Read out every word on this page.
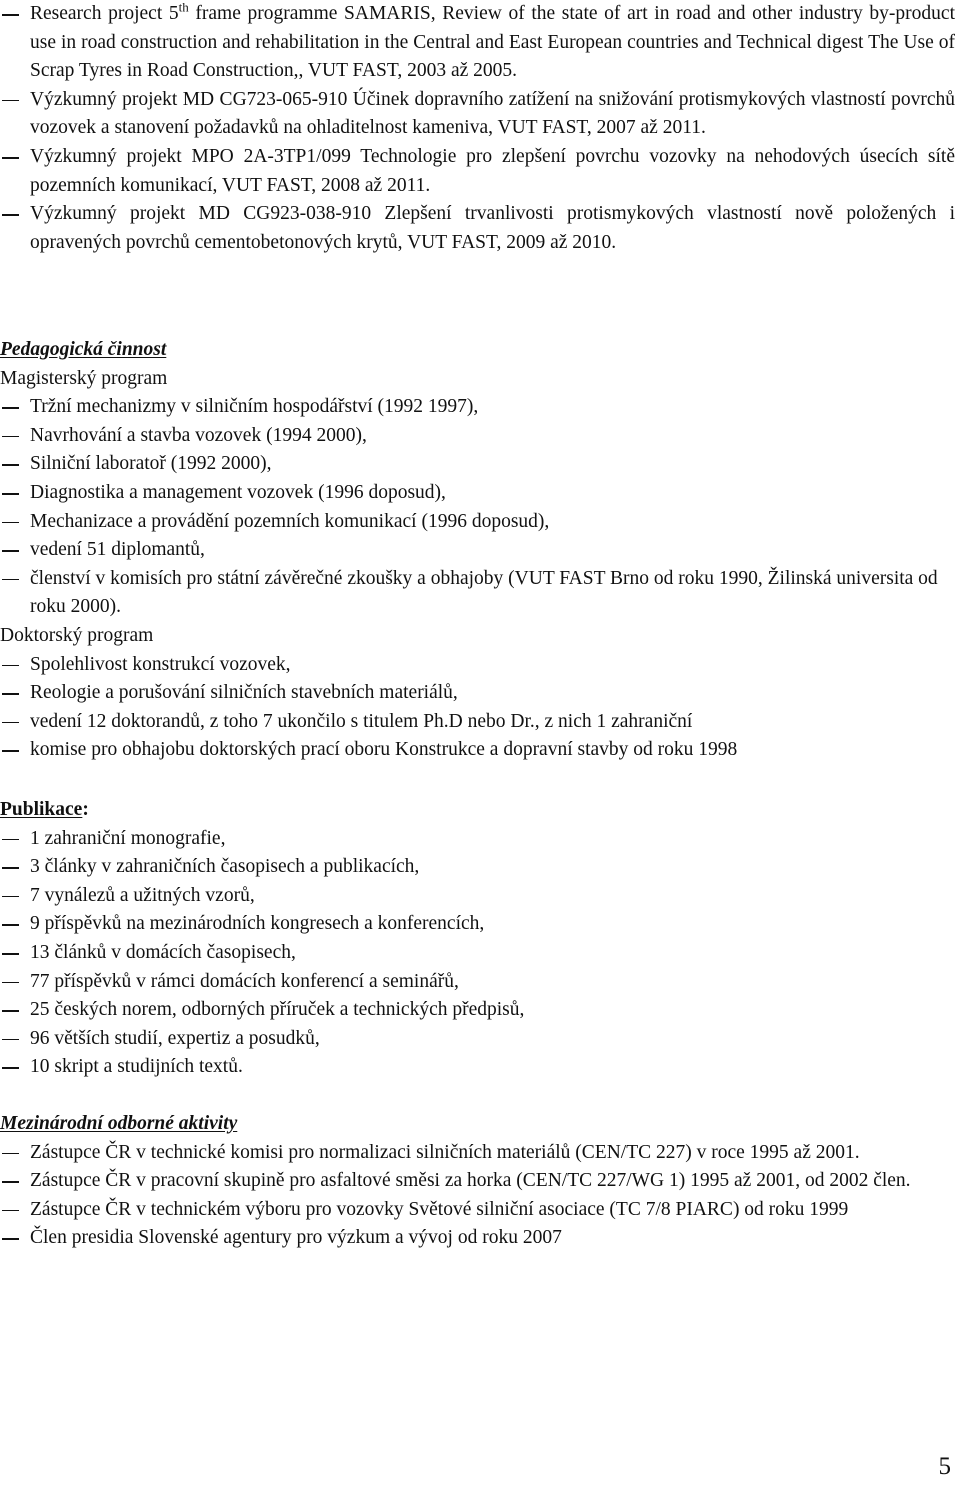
Research project 5th frame programme SAMARIS, Review of the state of art in road and other industry by-product use in road construction and rehabilitation in the Central and East European countries and Technical digest The Use of Scrap Tyres in Road Construction,, VUT FAST, 2003 až 2005.
Výzkumný projekt MD CG723-065-910 Účinek dopravního zatížení na snižování protismykových vlastností povrchů vozovek a stanovení požadavků na ohladitelnost kameniva, VUT FAST, 2007 až 2011.
Výzkumný projekt MPO 2A-3TP1/099 Technologie pro zlepšení povrchu vozovky na nehodových úsecích sítě pozemních komunikací, VUT FAST, 2008 až 2011.
Výzkumný projekt MD CG923-038-910 Zlepšení trvanlivosti protismykových vlastností nově položených i opravených povrchů cementobetonových krytů, VUT FAST, 2009 až 2010.
Pedagogická činnost
Magisterský program
Tržní mechanizmy v silničním hospodářství (1992 1997),
Navrhování a stavba vozovek (1994 2000),
Silniční laboratoř (1992 2000),
Diagnostika a management vozovek (1996 doposud),
Mechanizace a provádění pozemních komunikací (1996 doposud),
vedení 51 diplomantů,
členství v komisích pro státní závěrečné zkoušky a obhajoby (VUT FAST Brno od roku 1990, Žilinská universita od roku 2000).
Doktorský program
Spolehlivost konstrukcí vozovek,
Reologie a porušování silničních stavebních materiálů,
vedení 12 doktorandů, z toho 7 ukončilo s titulem Ph.D nebo Dr., z nich 1 zahraniční
komise pro obhajobu doktorských prací oboru Konstrukce a dopravní stavby od roku 1998
Publikace:
1 zahraniční monografie,
3 články v zahraničních časopisech a publikacích,
7 vynálezů a užitných vzorů,
9 příspěvků na mezinárodních kongresech a konferencích,
13 článků v domácích časopisech,
77 příspěvků v rámci domácích konferencí a seminářů,
25 českých norem, odborných příruček a technických předpisů,
96 větších studií, expertiz a posudků,
10 skript a studijních textů.
Mezinárodní odborné aktivity
Zástupce ČR v technické komisi pro normalizaci silničních materiálů (CEN/TC 227) v roce 1995 až 2001.
Zástupce ČR v pracovní skupině pro asfaltové směsi za horka (CEN/TC 227/WG 1) 1995 až 2001, od 2002 člen.
Zástupce ČR v technickém výboru pro vozovky Světové silniční asociace (TC 7/8 PIARC) od roku 1999
Člen presidia Slovenské agentury pro výzkum a vývoj od roku 2007
5
